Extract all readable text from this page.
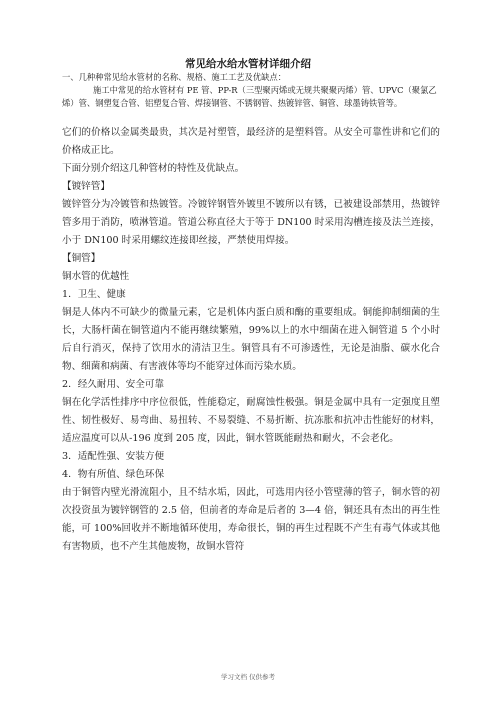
常见给水给水管材详细介绍

一、几种种常见给水管材的名称、规格、施工工艺及优缺点：

施工中常见的给水管材有 PE 管、PP-R（三型聚丙烯或无规共聚聚丙烯）管、UPVC（聚氯乙烯）管、钢塑复合管、铝塑复合管、焊接钢管、不锈钢管、热镀锌管、铜管、球墨铸铁管等。

它们的价格以金属类最贵，其次是衬塑管，最经济的是塑料管。从安全可靠性讲和它们的价格成正比。

下面分别介绍这几种管材的特性及优缺点。

【镀锌管】

镀锌管分为冷镀管和热镀管。冷镀锌钢管外镀里不镀所以有锈，已被建设部禁用，热镀锌管多用于消防，喷淋管道。管道公称直径大于等于 DN100 时采用沟槽连接及法兰连接，小于 DN100 时采用螺纹连接即丝接，严禁使用焊接。

【铜管】

铜水管的优越性

1．卫生、健康

铜是人体内不可缺少的微量元素，它是机体内蛋白质和酶的重要组成。铜能抑制细菌的生长，大肠杆菌在铜管道内不能再继续繁殖，99%以上的水中细菌在进入铜管道 5 个小时后自行消灭，保持了饮用水的清洁卫生。铜管具有不可渗透性，无论是油脂、碳水化合物、细菌和病菌、有害液体等均不能穿过体而污染水质。

2．经久耐用、安全可靠

铜在化学活性排序中序位很低，性能稳定，耐腐蚀性极强。铜是金属中具有一定强度且塑性、韧性极好、易弯曲、易扭转、不易裂缝、不易折断、抗冻胀和抗冲击性能好的材料，适应温度可以从-196 度到 205 度，因此，铜水管既能耐热和耐火，不会老化。

3．适配性强、安装方便

4．物有所值、绿色环保

由于铜管内壁光滑流阻小，且不结水垢，因此，可选用内径小管壁薄的管子，铜水管的初次投资虽为镀锌钢管的 2.5 倍，但前者的寿命是后者的 3—4 倍，铜还具有杰出的再生性能，可 100%回收并不断地循环使用，寿命很长，铜的再生过程既不产生有毒气体或其他有害物质，也不产生其他废物，故铜水管符

学习文档 仅供参考
